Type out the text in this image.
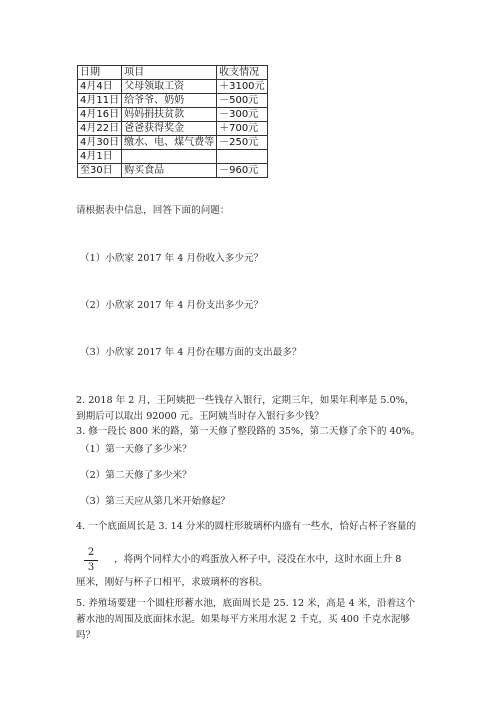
日期	项目	收支情况
4月4日	父母领取工资	＋3100元
4月11日	给爷爷、奶奶	－500元
4月16日	妈妈捐扶贫款	－300元
4月22日	爸爸获得奖金	＋700元
4月30日	缴水、电、煤气费等	－250元
4月1日		
至30日	购买食品	－960元
请根据表中信息，回答下面的问题：
（1）小欣家 2017 年 4 月份收入多少元？
（2）小欣家 2017 年 4 月份支出多少元？
（3）小欣家 2017 年 4 月份在哪方面的支出最多？
2. 2018 年 2 月，王阿姨把一些钱存入银行，定期三年，如果年利率是 5.0%，到期后可以取出 92000 元。王阿姨当时存入银行多少钱？
3. 修一段长 800 米的路，第一天修了整段路的 35%，第二天修了余下的 40%。
（1）第一天修了多少米？
（2）第二天修了多少米？
（3）第三天应从第几米开始修起？
4. 一个底面周长是 3. 14 分米的圆柱形玻璃杯内盛有一些水，恰好占杯子容量的
2
3
，将两个同样大小的鸡蛋放入杯子中，浸没在水中，这时水面上升 8
厘米，刚好与杯子口相平，求玻璃杯的容积。
5. 养殖场要建一个圆柱形蓄水池，底面周长是 25. 12 米，高是 4 米，沿着这个蓄水池的周围及底面抹水泥。如果每平方米用水泥 2 千克，买 400 千克水泥够吗？
